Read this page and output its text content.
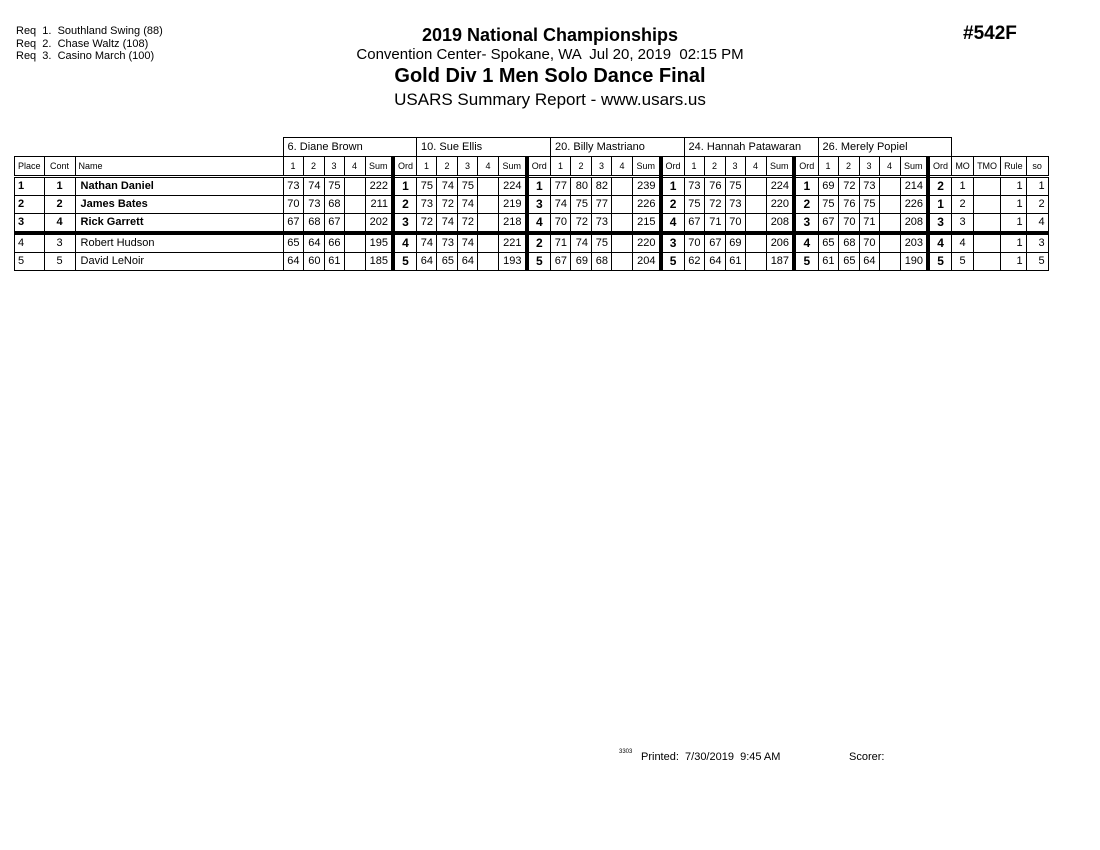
Req  1.  Southland Swing (88)
Req  2.  Chase Waltz (108)
Req  3.  Casino March (100)
2019 National Championships
Convention Center- Spokane, WA  Jul 20, 2019  02:15 PM
Gold Div 1 Men Solo Dance Final
USARS Summary Report - www.usars.us
#542F
			6. Diane Brown						10. Sue Ellis						20. Billy Mastriano						24. Hannah Patawaran						26. Merely Popiel									
Place	Cont	Name	1	2	3	4	Sum	Ord	1	2	3	4	Sum	Ord	1	2	3	4	Sum	Ord	1	2	3	4	Sum	Ord	1	2	3	4	Sum	Ord	MO	TMO	Rule	so
1	1	Nathan Daniel	73	74	75		222	1	75	74	75		224	1	77	80	82		239	1	73	76	75		224	1	69	72	73		214	2	1		1	1
2	2	James Bates	70	73	68		211	2	73	72	74		219	3	74	75	77		226	2	75	72	73		220	2	75	76	75		226	1	2		1	2
3	4	Rick Garrett	67	68	67		202	3	72	74	72		218	4	70	72	73		215	4	67	71	70		208	3	67	70	71		208	3	3		1	4
4	3	Robert Hudson	65	64	66		195	4	74	73	74		221	2	71	74	75		220	3	70	67	69		206	4	65	68	70		203	4	4		1	3
5	5	David LeNoir	64	60	61		185	5	64	65	64		193	5	67	69	68		204	5	62	64	61		187	5	61	65	64		190	5	5		1	5
3303 Printed:  7/30/2019  9:45 AM	Scorer:
